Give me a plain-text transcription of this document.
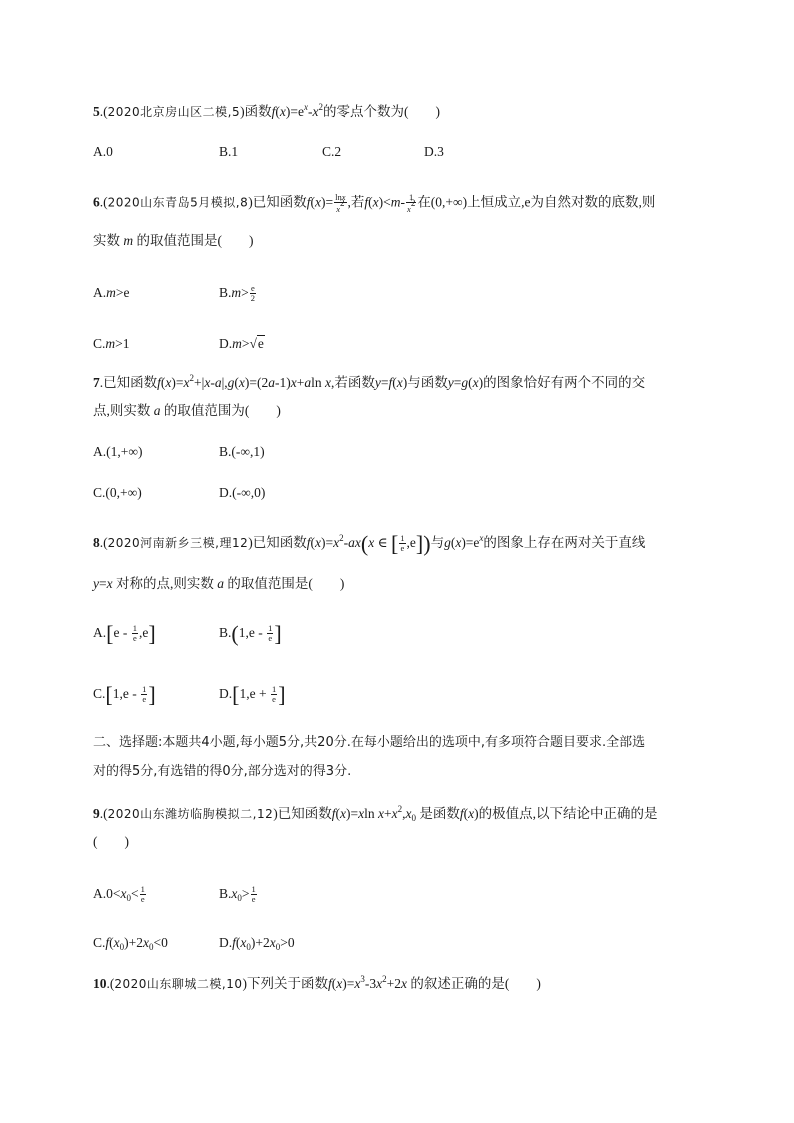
5.(2020北京房山区二模,5)函数$f(x)=e^x-x^2$的零点个数为(　　)
A.0	B.1	C.2	D.3
6.(2020山东青岛5月模拟,8)已知函数$f(x)= \frac{\ln x}{x^2}$ ,若$f(x)<m- \frac{1}{x^2}$ 在(0,+∞)上恒成立,e为自然对数的底数,则
实数 m 的取值范围是(　　)
A.m>e	$B.m> \frac{e}{2}$
C.m>1	D.m>√e
7.已知函数$f(x)=x^2+|x-a|,g(x)=(2a-1)x+aln$ x,若函数y=f(x)与函数y=g(x)的图象恰好有两个不同的交
点,则实数 a 的取值范围为(　　)
A.(1,+∞)	B.(-∞,1)
C.(0,+∞)	D.(-∞,0)
8.(2020河南新乡三模,理12)已知函数$f(x)=x^2-ax(x$ ∈ [ $\frac{1}{e} ,e$])与$g(x)=e^x$的图象上存在两对关于直线
y=x 对称的点,则实数 a 的取值范围是(　　)
$A.[e - \frac{1}{e} ,e]$	$B.(1,e - \frac{1}{e}$ ]
$C.[1,e - \frac{1}{e}$ ]	$D.[1,e + \frac{1}{e}$ ]
二、选择题:本题共4小题,每小题5分,共20分.在每小题给出的选项中,有多项符合题目要求.全部选
对的得5分,有选错的得0分,部分选对的得3分.
9.(2020山东潍坊临朐模拟二,12)已知函数f(x)=xln $x+x^2,x_0$ 是函数f(x)的极值点,以下结论中正确的是
(　　)
$A.0<x_0< \frac{1}{e}$	$B.x_0> \frac{1}{e}$
$C.f(x_0)+2x_0<0$	$D.f(x_0)+2x_0>0$
10.(2020山东聊城二模,10)下列关于函数$f(x)=x^3-3x^2+2x$ 的叙述正确的是(　　)
